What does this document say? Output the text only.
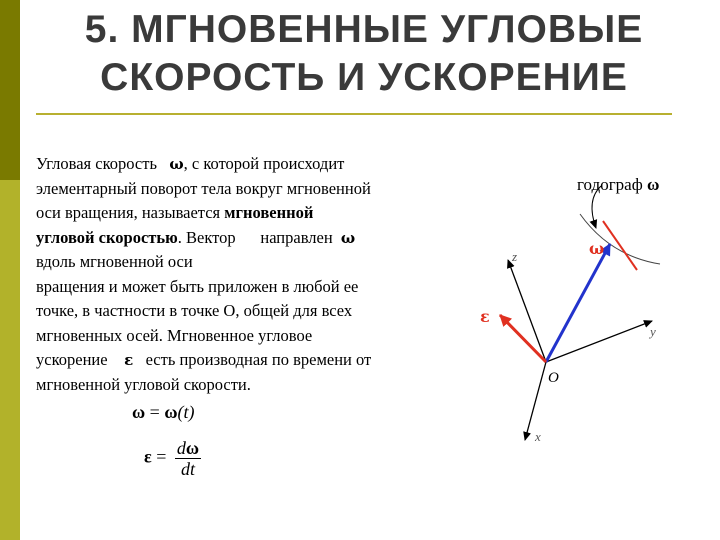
5. МГНОВЕННЫЕ УГЛОВЫЕ
СКОРОСТЬ И УСКОРЕНИЕ
Угловая скорость ω, с которой происходит
элементарный поворот тела вокруг мгновенной
оси вращения, называется мгновенной
угловой скоростью. Вектор направлен ω
вдоль мгновенной оси
вращения и может быть приложен в любой ее
точке, в частности в точке О, общей для всех
мгновенных осей. Мгновенное угловое
ускорение ε есть производная по времени от
мгновенной угловой скорости.
ω = ω(t)
$\varepsilon = \frac{d\omega}{dt}$
годограф ω
ω
ε
z
y
x
O
